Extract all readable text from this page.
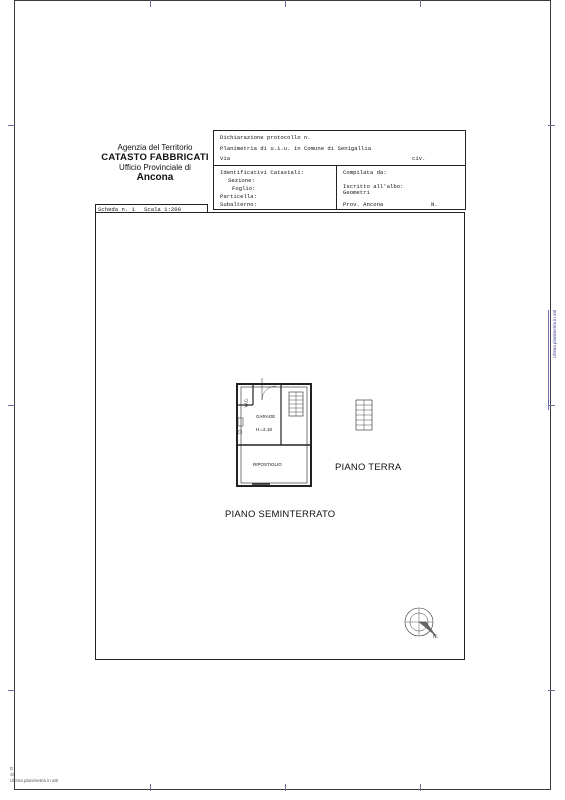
Agenzia del Territorio
CATASTO FABBRICATI
Ufficio Provinciale di
Ancona
Dichiarazione protocollo n.
Planimetria di u.i.u. in Comune di Senigallia
Via	civ.
Identificativi Catastali:
Sezione:
Foglio:
Particella:
Subalterno:
Compilata da:
Iscritto all'albo:
Geometri
Prov. Ancona	N.
Scheda n. 1 Scala 1:200
W.C.
GARAGE
H.=2.18
RIPOSTIGLIO	PIANO TERRA
PIANO SEMINTERRATO
N.
Ultima planimetria in atti
D
Si
Ultima planimetria in atti
